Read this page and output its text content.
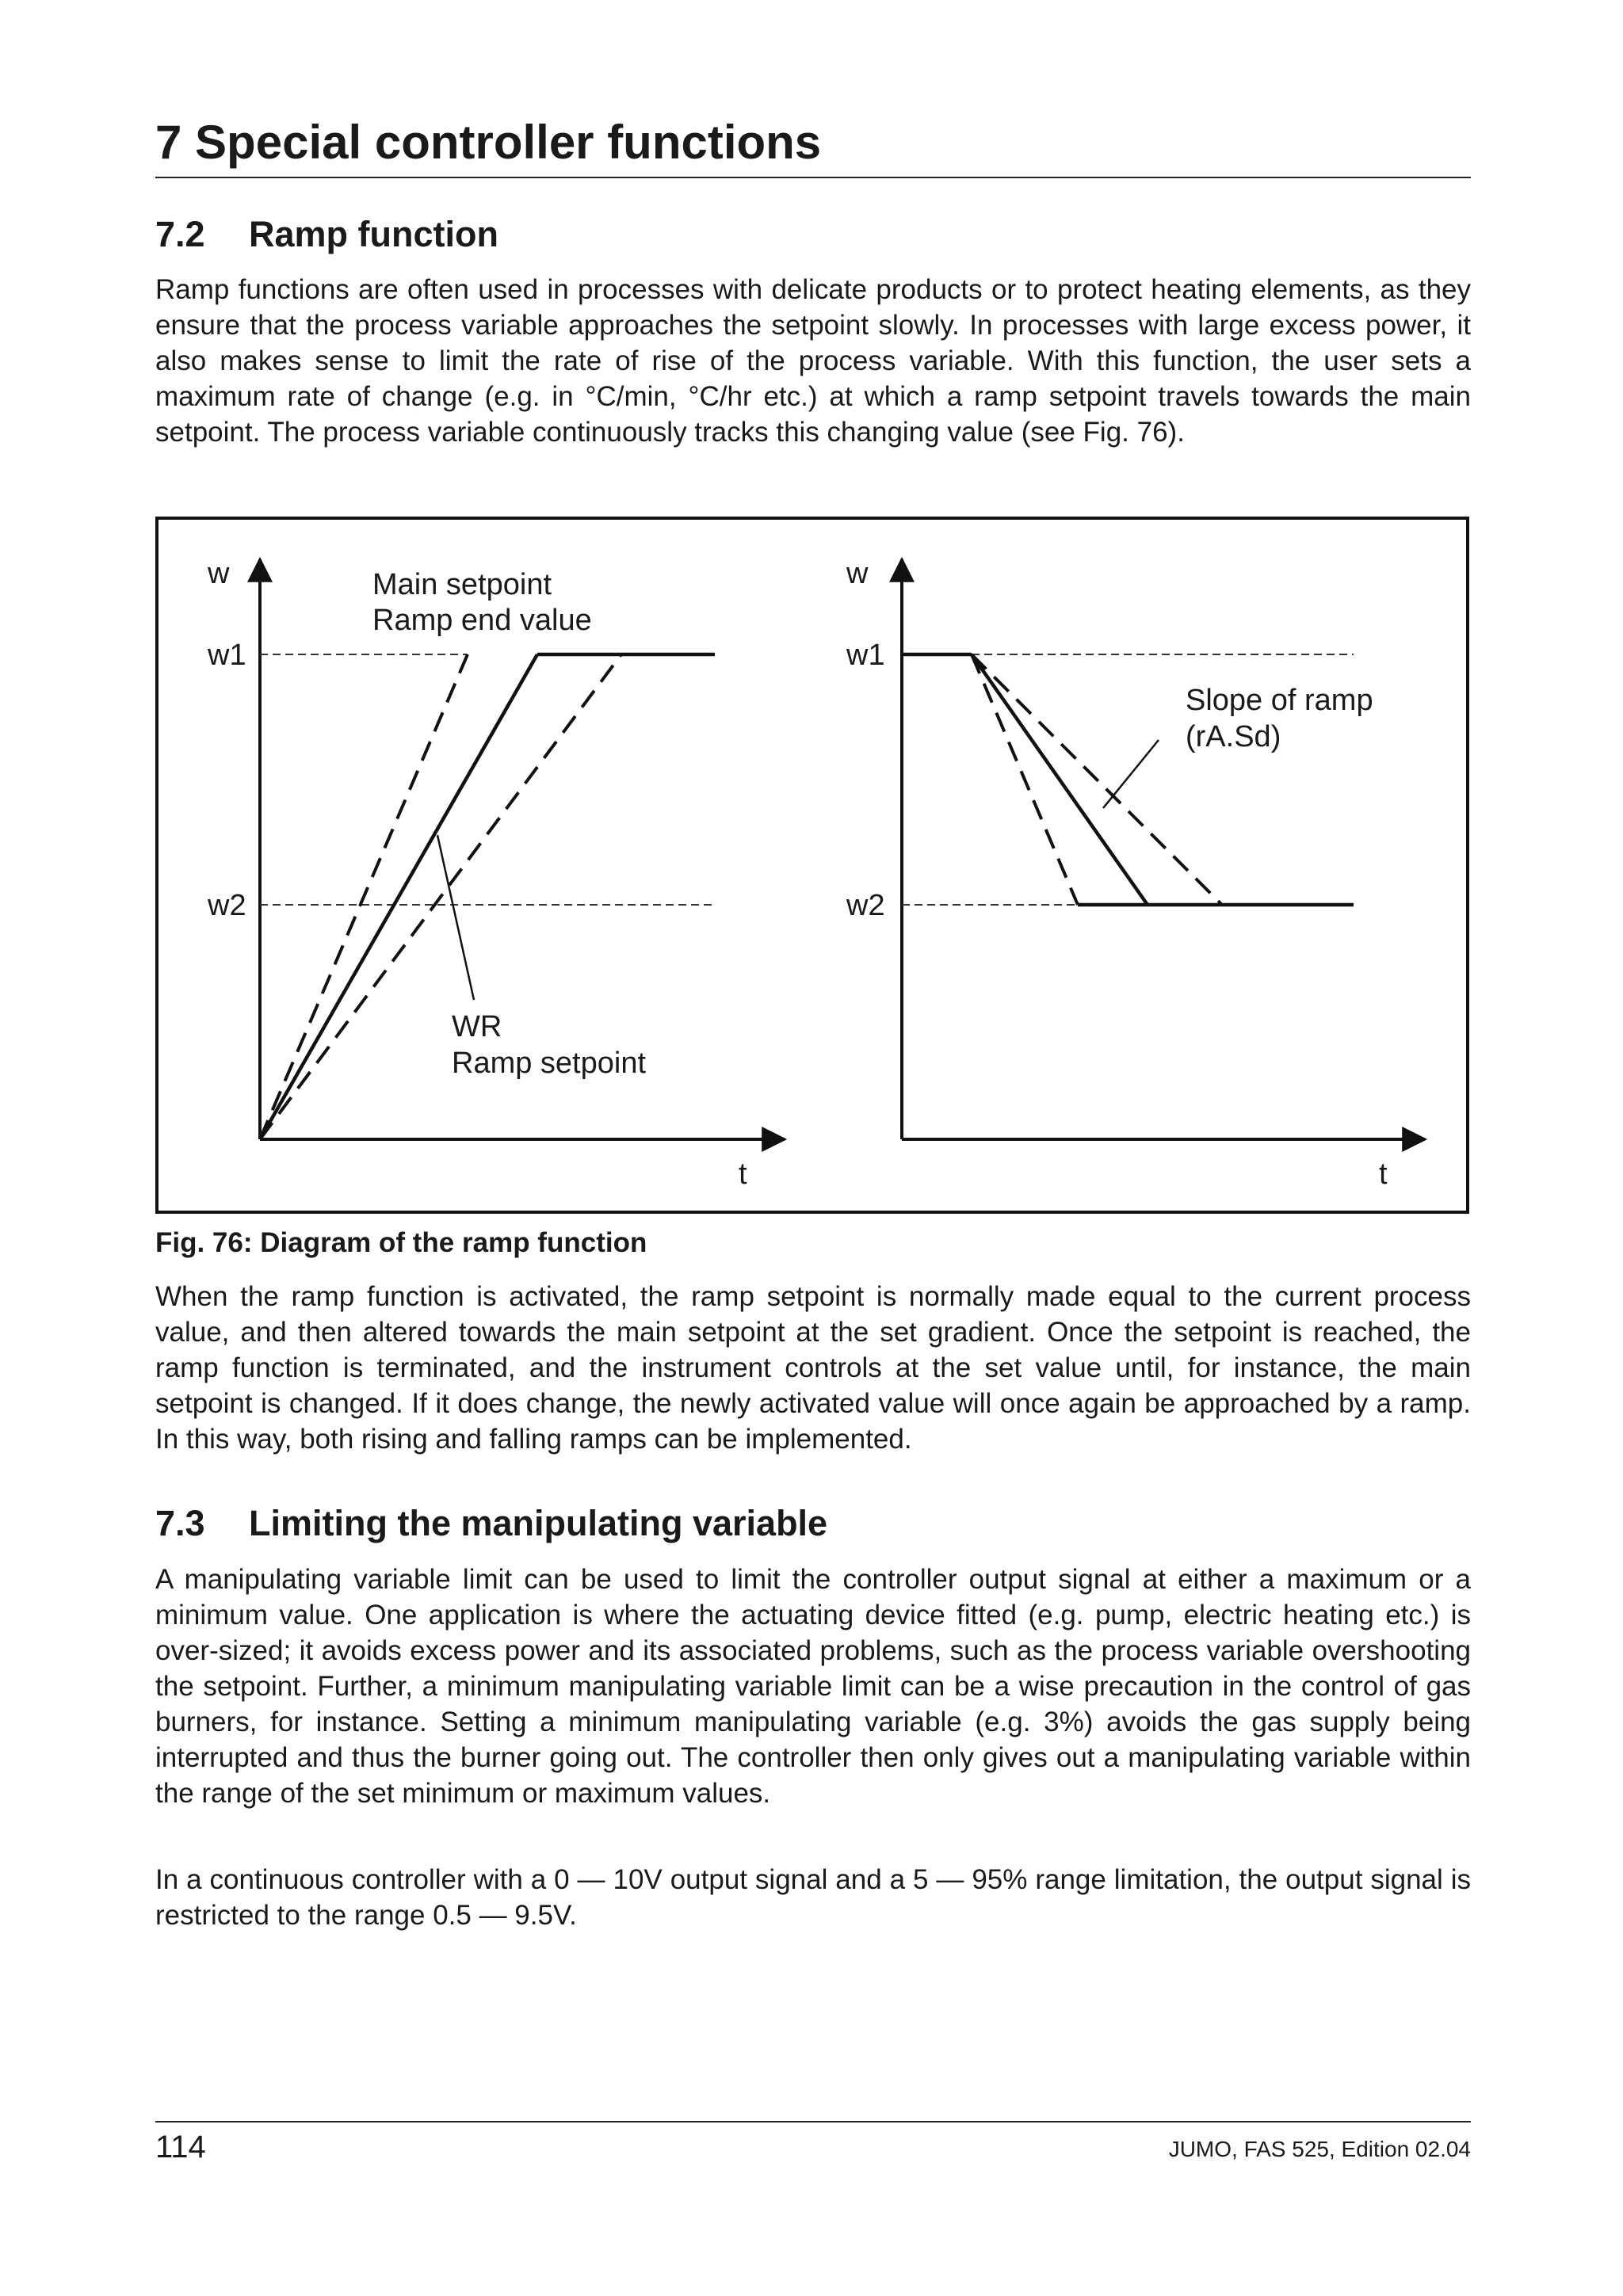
7 Special controller functions
7.2 Ramp function

Ramp functions are often used in processes with delicate products or to protect heating elements, as they ensure that the process variable approaches the setpoint slowly. In processes with large excess power, it also makes sense to limit the rate of rise of the process variable. With this function, the user sets a maximum rate of change (e.g. in °C/min, °C/hr etc.) at which a ramp setpoint travels towards the main setpoint. The process variable continuously tracks this changing value (see Fig. 76).

w
t
w1
w2
Main setpoint
Ramp end value
WR
Ramp setpoint
w
t
w1
w2
Slope of ramp
(rA.Sd)

Fig. 76: Diagram of the ramp function

When the ramp function is activated, the ramp setpoint is normally made equal to the current process value, and then altered towards the main setpoint at the set gradient. Once the setpoint is reached, the ramp function is terminated, and the instrument controls at the set value until, for instance, the main setpoint is changed. If it does change, the newly activated value will once again be approached by a ramp. In this way, both rising and falling ramps can be implemented.

7.3 Limiting the manipulating variable

A manipulating variable limit can be used to limit the controller output signal at either a maximum or a minimum value. One application is where the actuating device fitted (e.g. pump, electric heating etc.) is over-sized; it avoids excess power and its associated problems, such as the process variable overshooting the setpoint. Further, a minimum manipulating variable limit can be a wise precaution in the control of gas burners, for instance. Setting a minimum manipulating variable (e.g. 3%) avoids the gas supply being interrupted and thus the burner going out. The controller then only gives out a manipulating variable within the range of the set minimum or maximum values.

In a continuous controller with a 0 — 10V output signal and a 5 — 95% range limitation, the output signal is restricted to the range 0.5 — 9.5V.

114	JUMO, FAS 525, Edition 02.04
